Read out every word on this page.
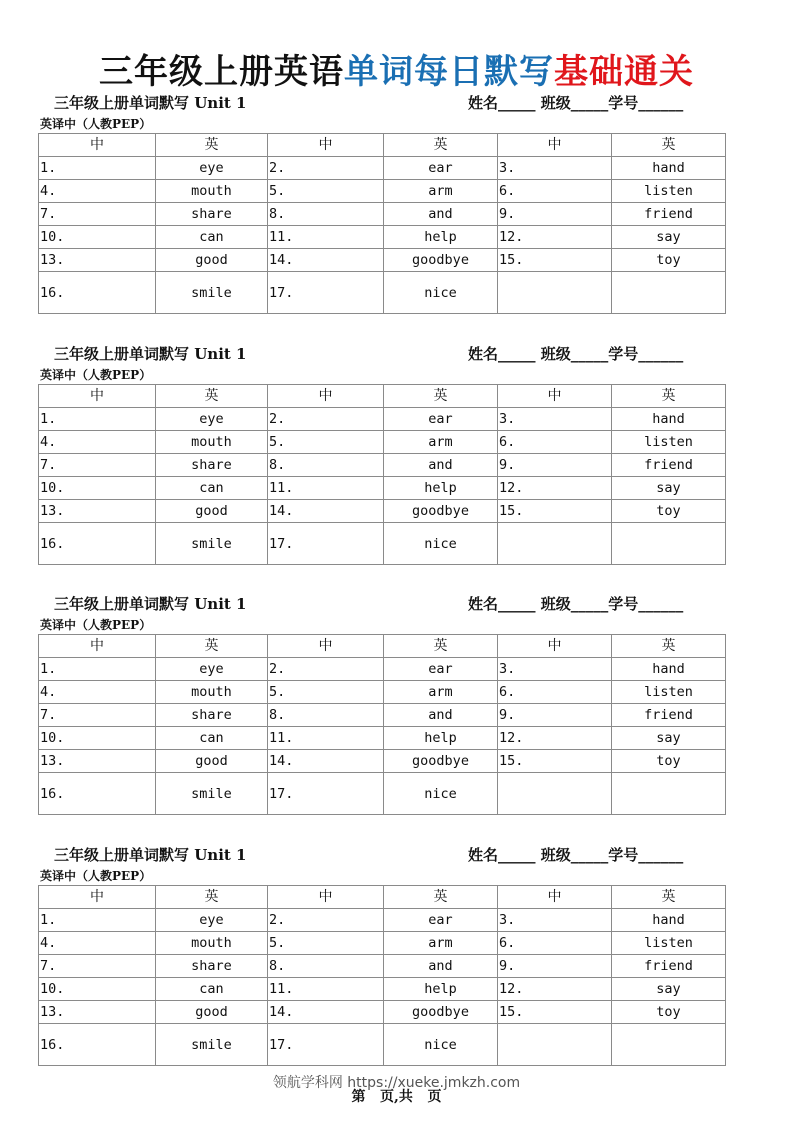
三年级上册英语单词每日默写基础通关
三年级上册单词默写 Unit 1	姓名_____ 班级_____学号______
英译中（人教PEP）
中	英	中	英	中	英
1.	eye	2.	ear	3.	hand
4.	mouth	5.	arm	6.	listen
7.	share	8.	and	9.	friend
10.	can	11.	help	12.	say
13.	good	14.	goodbye	15.	toy
16.	smile	17.	nice		
三年级上册单词默写 Unit 1	姓名_____ 班级_____学号______
英译中（人教PEP）
中	英	中	英	中	英
1.	eye	2.	ear	3.	hand
4.	mouth	5.	arm	6.	listen
7.	share	8.	and	9.	friend
10.	can	11.	help	12.	say
13.	good	14.	goodbye	15.	toy
16.	smile	17.	nice		
三年级上册单词默写 Unit 1	姓名_____ 班级_____学号______
英译中（人教PEP）
中	英	中	英	中	英
1.	eye	2.	ear	3.	hand
4.	mouth	5.	arm	6.	listen
7.	share	8.	and	9.	friend
10.	can	11.	help	12.	say
13.	good	14.	goodbye	15.	toy
16.	smile	17.	nice		
三年级上册单词默写 Unit 1	姓名_____ 班级_____学号______
英译中（人教PEP）
中	英	中	英	中	英
1.	eye	2.	ear	3.	hand
4.	mouth	5.	arm	6.	listen
7.	share	8.	and	9.	friend
10.	can	11.	help	12.	say
13.	good	14.	goodbye	15.	toy
16.	smile	17.	nice		
领航学科网 https://xueke.jmkzh.com
第   页,共   页
